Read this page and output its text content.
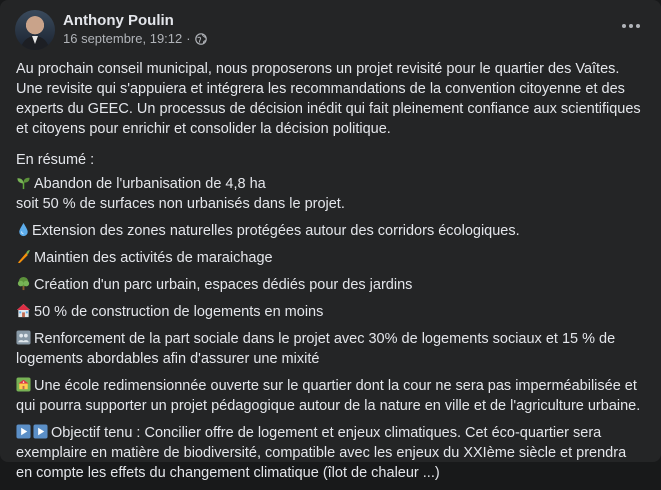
Anthony Poulin
16 septembre, 19:12 ·

Au prochain conseil municipal, nous proposerons un projet revisité pour le quartier des Vaîtes. Une revisite qui s'appuiera et intégrera les recommandations de la convention citoyenne et des experts du GEEC. Un processus de décision inédit qui fait pleinement confiance aux scientifiques et citoyens pour enrichir et consolider la décision politique.

En résumé :

Abandon de l'urbanisation de 4,8 ha
soit 50 % de surfaces non urbanisés dans le projet.

Extension des zones naturelles protégées autour des corridors écologiques.

Maintien des activités de maraichage

Création d'un parc urbain, espaces dédiés pour des jardins

50 % de construction de logements en moins

Renforcement de la part sociale dans le projet avec 30% de logements sociaux et 15 % de logements abordables afin d'assurer une mixité

Une école redimensionnée ouverte sur le quartier dont la cour ne sera pas imperméabilisée et qui pourra supporter un projet pédagogique autour de la nature en ville et de l'agriculture urbaine.

Objectif tenu : Concilier offre de logement et enjeux climatiques. Cet éco-quartier sera exemplaire en matière de biodiversité, compatible avec les enjeux du XXIème siècle et prendra en compte les effets du changement climatique (îlot de chaleur ...)
